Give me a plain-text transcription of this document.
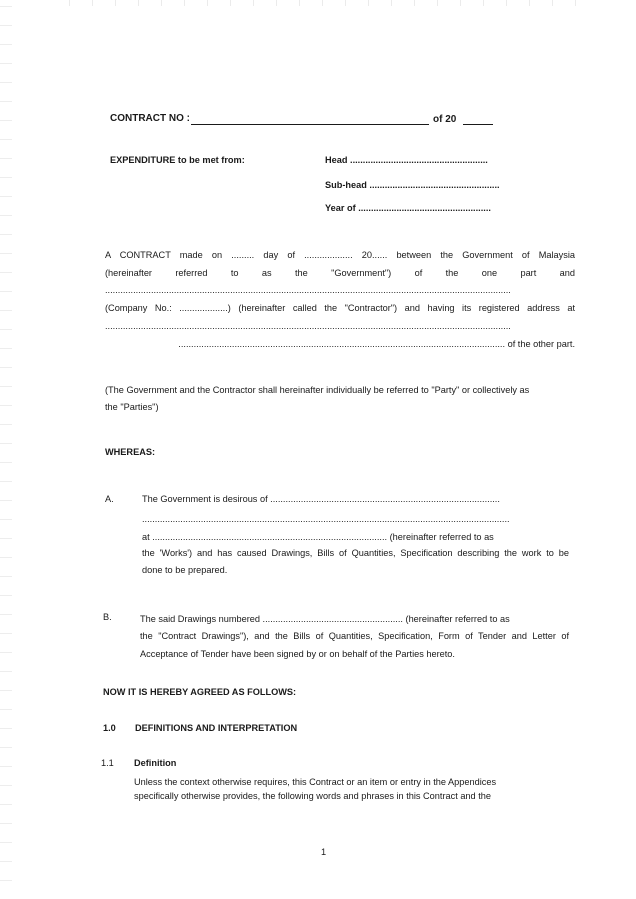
CONTRACT NO :	of 20
EXPENDITURE to be met from:	Head ......................................................
Sub-head ...................................................
Year of ....................................................
A CONTRACT made on ......... day of ................... 20...... between the Government of Malaysia
(hereinafter referred to as the "Government") of the one part and
...............................................................................................................................................................
(Company No.: ...................) (hereinafter called the "Contractor") and having its registered address at
...............................................................................................................................................................
................................................................................................................................ of the other part.
(The Government and the Contractor shall hereinafter individually be referred to "Party" or collectively as
the "Parties")
WHEREAS:
A.	The Government is desirous of ..........................................................................................
................................................................................................................................................
at ............................................................................................ (hereinafter referred to as
the 'Works') and has caused Drawings, Bills of Quantities, Specification describing the work to be
done to be prepared.
B.	The said Drawings numbered ....................................................... (hereinafter referred to as
the "Contract Drawings"), and the Bills of Quantities, Specification, Form of Tender and Letter of
Acceptance of Tender have been signed by or on behalf of the Parties hereto.
NOW IT IS HEREBY AGREED AS FOLLOWS:
1.0 DEFINITIONS AND INTERPRETATION
1.1 Definition
Unless the context otherwise requires, this Contract or an item or entry in the Appendices
specifically otherwise provides, the following words and phrases in this Contract and the
1
